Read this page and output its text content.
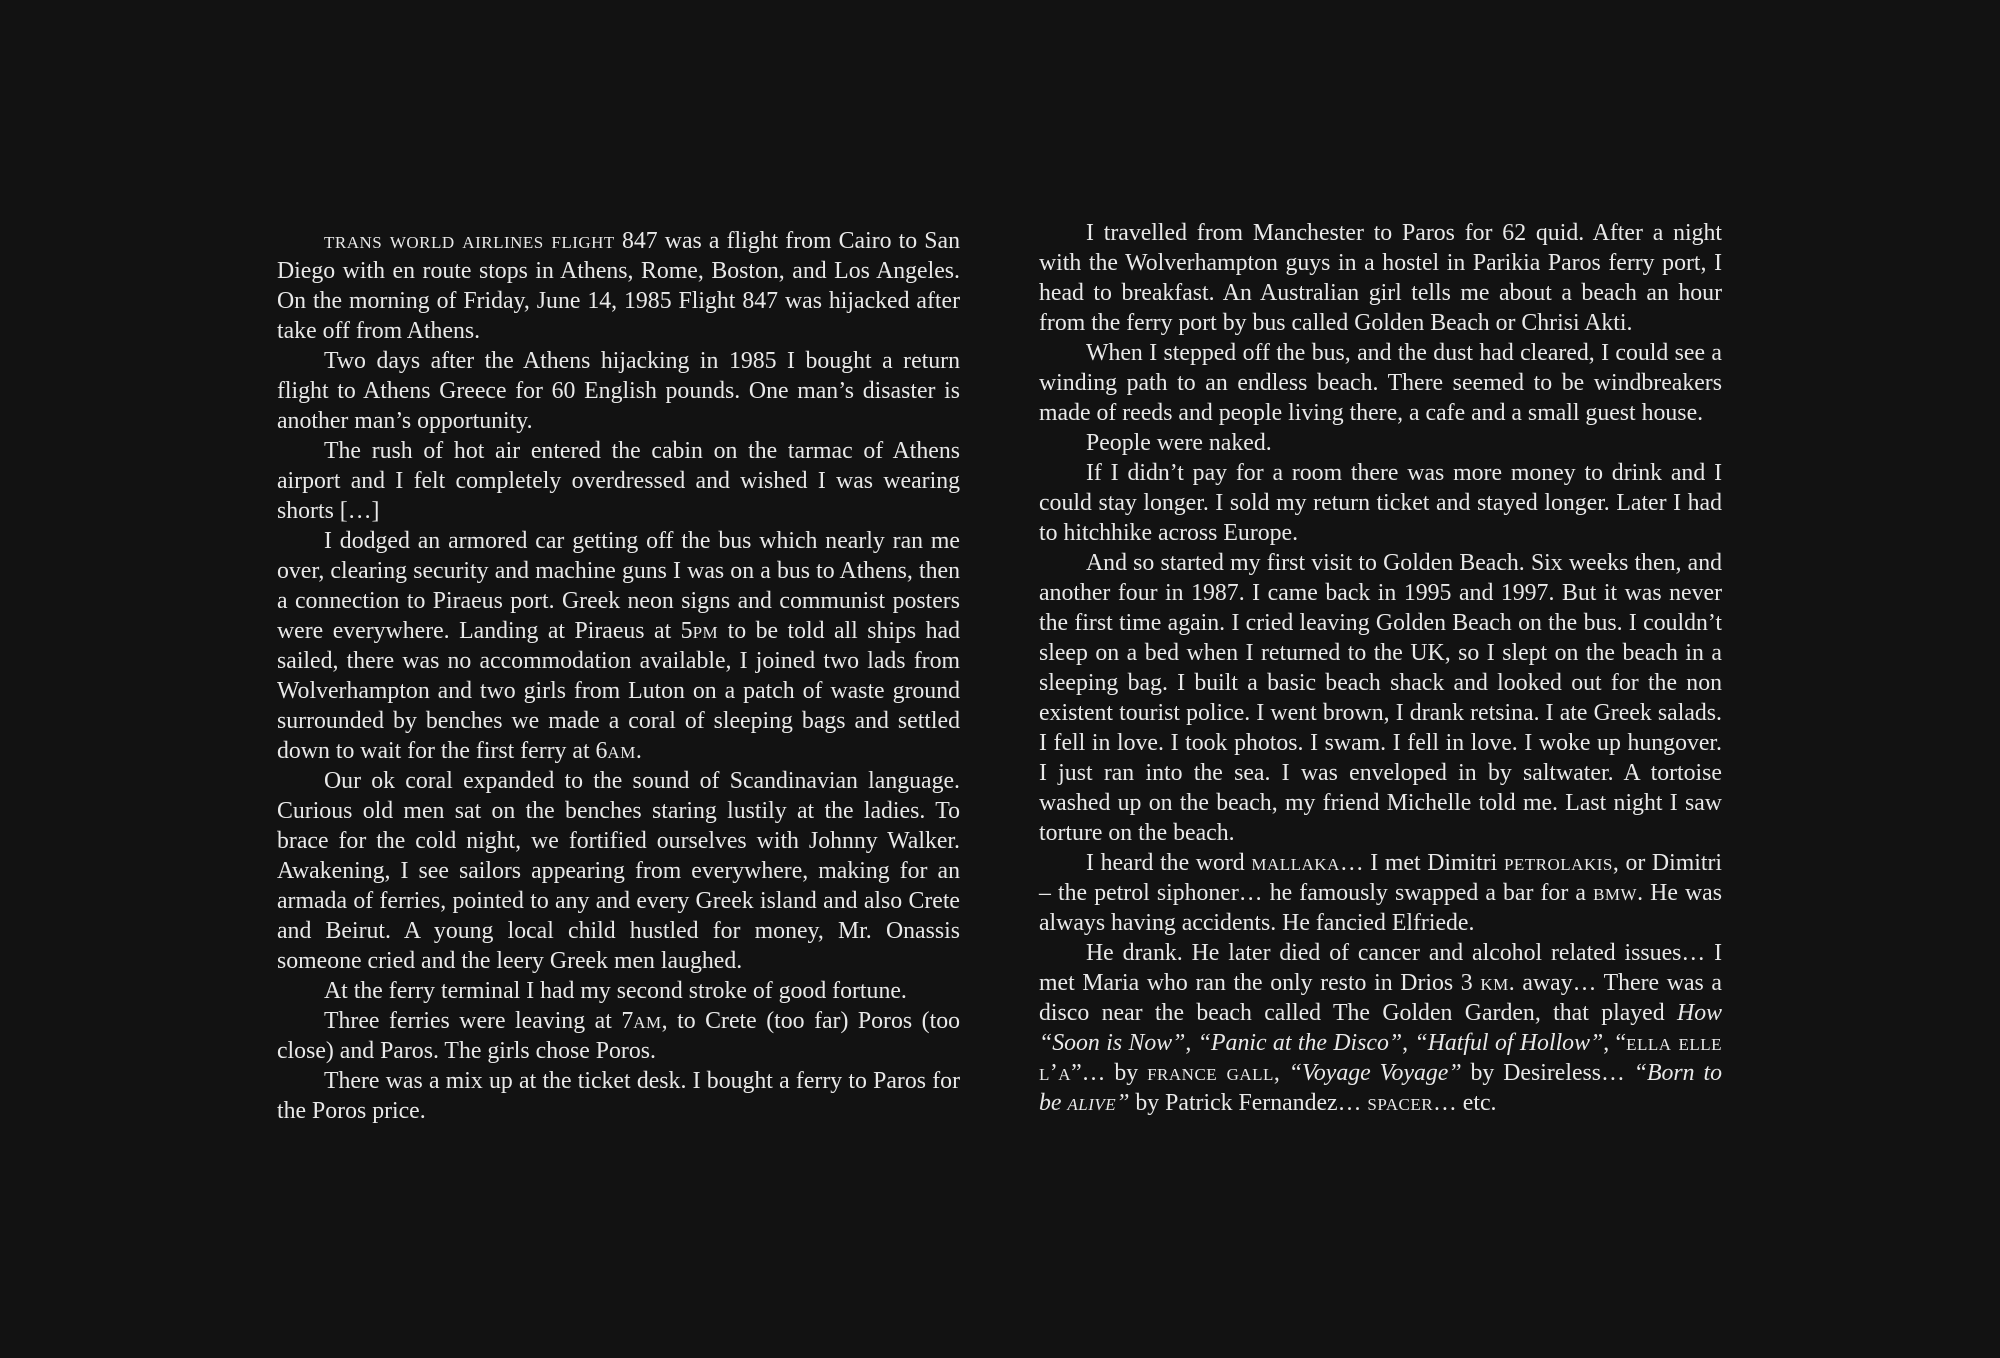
trans world airlines flight 847 was a flight from Cairo to San Diego with en route stops in Athens, Rome, Boston, and Los Angeles. On the morning of Friday, June 14, 1985 Flight 847 was hijacked after take off from Athens.

Two days after the Athens hijacking in 1985 I bought a return flight to Athens Greece for 60 English pounds. One man’s disaster is another man’s opportunity.

The rush of hot air entered the cabin on the tarmac of Athens airport and I felt completely overdressed and wished I was wearing shorts […]

I dodged an armored car getting off the bus which nearly ran me over, clearing security and machine guns I was on a bus to Athens, then a connection to Piraeus port. Greek neon signs and communist posters were everywhere. Landing at Piraeus at 5pm to be told all ships had sailed, there was no accommodation available, I joined two lads from Wolverhampton and two girls from Luton on a patch of waste ground surrounded by benches we made a coral of sleeping bags and settled down to wait for the first ferry at 6am.

Our ok coral expanded to the sound of Scandinavian language. Curious old men sat on the benches staring lustily at the ladies. To brace for the cold night, we fortified ourselves with Johnny Walker. Awakening, I see sailors appearing from everywhere, making for an armada of ferries, pointed to any and every Greek island and also Crete and Beirut. A young local child hustled for money, Mr. Onassis someone cried and the leery Greek men laughed.

At the ferry terminal I had my second stroke of good fortune.

Three ferries were leaving at 7am, to Crete (too far) Poros (too close) and Paros. The girls chose Poros.

There was a mix up at the ticket desk. I bought a ferry to Paros for the Poros price.

I travelled from Manchester to Paros for 62 quid. After a night with the Wolverhampton guys in a hostel in Parikia Paros ferry port, I head to breakfast. An Australian girl tells me about a beach an hour from the ferry port by bus called Golden Beach or Chrisi Akti.

When I stepped off the bus, and the dust had cleared, I could see a winding path to an endless beach. There seemed to be windbreakers made of reeds and people living there, a cafe and a small guest house.

People were naked.

If I didn’t pay for a room there was more money to drink and I could stay longer. I sold my return ticket and stayed longer. Later I had to hitchhike across Europe.

And so started my first visit to Golden Beach. Six weeks then, and another four in 1987. I came back in 1995 and 1997. But it was never the first time again. I cried leaving Golden Beach on the bus. I couldn’t sleep on a bed when I returned to the UK, so I slept on the beach in a sleeping bag. I built a basic beach shack and looked out for the non existent tourist police. I went brown, I drank retsina. I ate Greek salads. I fell in love. I took photos. I swam. I fell in love. I woke up hungover. I just ran into the sea. I was enveloped in by saltwater. A tortoise washed up on the beach, my friend Michelle told me. Last night I saw torture on the beach.

I heard the word mallaka… I met Dimitri petrolakis, or Dimitri – the petrol siphoner… he famously swapped a bar for a bmw. He was always having accidents. He fancied Elfriede.

He drank. He later died of cancer and alcohol related issues… I met Maria who ran the only resto in Drios 3 km. away… There was a disco near the beach called The Golden Garden, that played How “Soon is Now”, “Panic at the Disco”, “Hatful of Hollow”, “ella elle l’a”… by france gall, “Voyage Voyage” by Desireless… “Born to be alive” by Patrick Fernandez… spacer… etc.
